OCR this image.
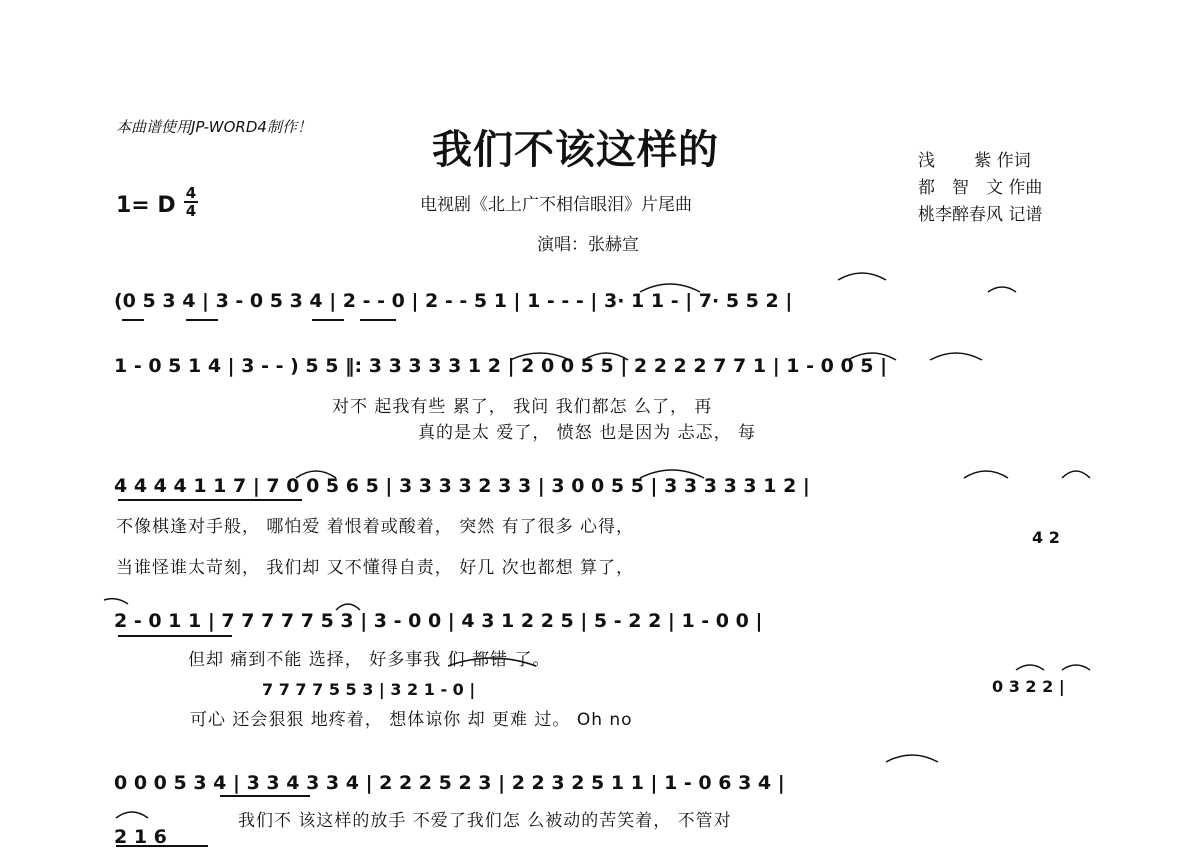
本曲谱使用JP-WORD4制作！	我们不该这样的
电视剧《北上广不相信眼泪》片尾曲
演唱：张赫宣
浅　　 紫 作词
都　智　文 作曲
桃李醉春风 记谱
1= D 4
4
(0 5 3 4 | 3 - 0 5 3 4 | 2 - - 0 | 2 - - 5 1 | 1 - - - | 3· 1 1 - | 7· 5 5 2 |
1 - 0 5 1 4 | 3 - - ) 5 5 ‖: 3 3 3 3 3 1 2 | 2 0 0 5 5 | 2 2 2 2 7 7 1 | 1 - 0 0 5 |
对不 起我有些 累了， 我问 我们都怎 么了， 再
真的是太 爱了， 愤怒 也是因为 忐忑， 每
4 4 4 4 1 1 7 | 7 0 0 5 6 5 | 3 3 3 3 2 3 3 | 3 0 0 5 5 | 3 3 3 3 3 1 2 |
不像棋逢对手般， 哪怕爱 着恨着或酸着， 突然 有了很多 心得，
4 2
当谁怪谁太苛刻， 我们却 又不懂得自责， 好几 次也都想 算了，
2 - 0 1 1 | 7 7 7 7 7 5 3 | 3 - 0 0 | 4 3 1 2 2 5 | 5 - 2 2 | 1 - 0 0 |
但却 痛到不能 选择， 好多事我 们 都错 了。
7 7 7 7 5 5 3 | 3 2 1 - 0 |	0 3 2 2 |
可心 还会狠狠 地疼着， 想体谅你 却 更难 过。 Oh no
0 0 0 5 3 4 | 3 3 4 3 3 4 | 2 2 2 5 2 3 | 2 2 3 2 5 1 1 | 1 - 0 6 3 4 |
我们不 该这样的放手 不爱了我们怎 么被动的苦笑着， 不管对
2 1 6
